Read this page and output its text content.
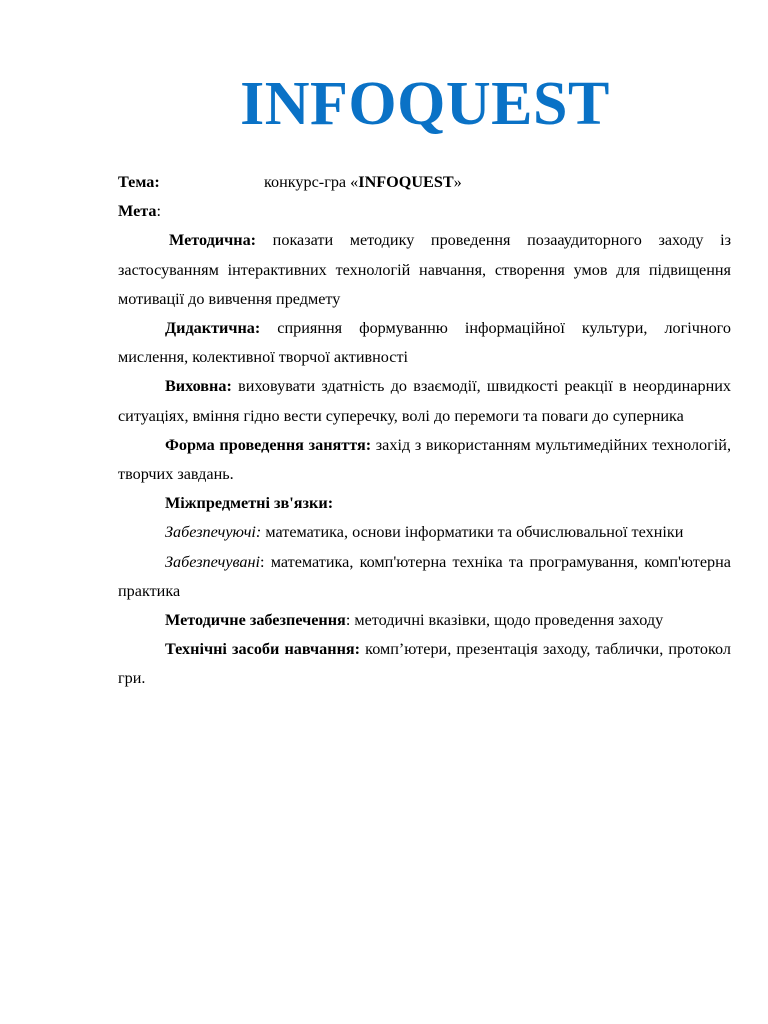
INFOQUEST
Тема:	конкурс-гра «INFOQUEST»
Мета:

Методична: показати методику проведення позааудиторного заходу із застосуванням інтерактивних технологій навчання, створення умов для підвищення мотивації до вивчення предмету

Дидактична: сприяння формуванню інформаційної культури, логічного мислення, колективної творчої активності

Виховна: виховувати здатність до взаємодії, швидкості реакції в неординарних ситуаціях, вміння гідно вести суперечку, волі до перемоги та поваги до суперника

Форма проведення заняття: захід з використанням мультимедійних технологій, творчих завдань.

Міжпредметні зв'язки:

Забезпечуючі: математика, основи інформатики та обчислювальної техніки

Забезпечувані: математика, комп'ютерна техніка та програмування, комп'ютерна практика

Методичне забезпечення: методичні вказівки, щодо проведення заходу

Технічні засоби навчання: комп’ютери, презентація заходу, таблички, протокол гри.
